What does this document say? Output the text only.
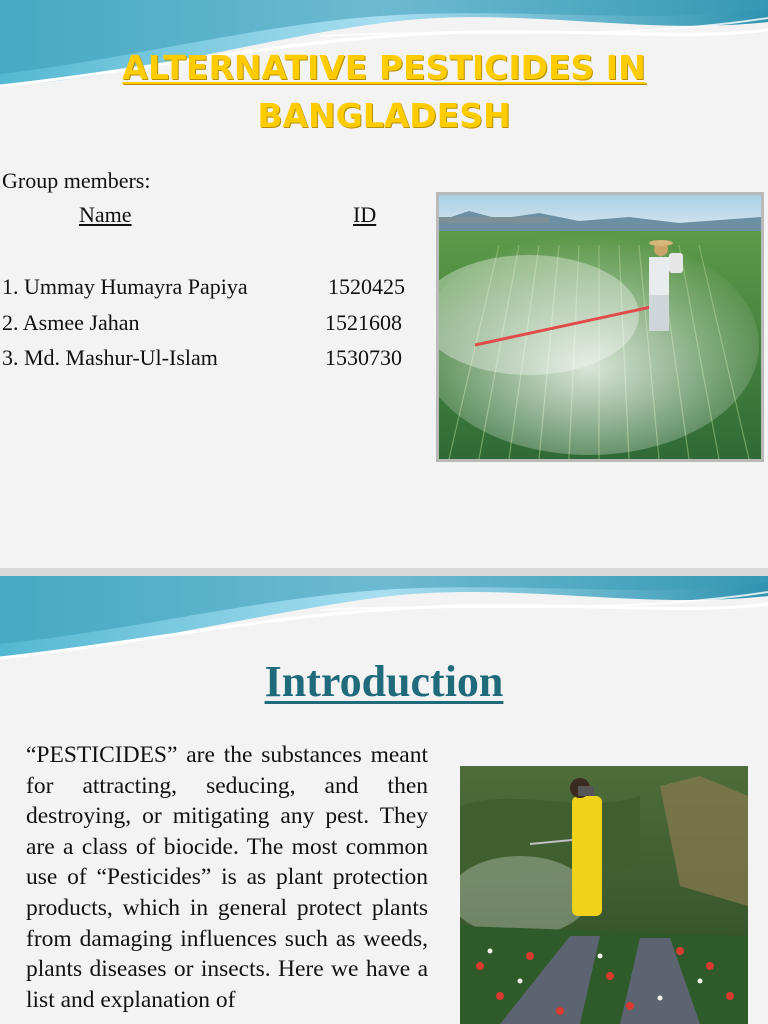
ALTERNATIVE PESTICIDES IN
BANGLADESH
Group members:
Name	ID
1. Ummay Humayra Papiya	1520425
2. Asmee Jahan	1521608
3. Md. Mashur-Ul-Islam	1530730
Introduction
“PESTICIDES” are the substances meant for attracting, seducing, and then destroying, or mitigating any pest. They are a class of biocide. The most common use of “Pesticides” is as plant protection products, which in general protect plants from damaging influences such as weeds, plants diseases or insects. Here we have a list and explanation of
